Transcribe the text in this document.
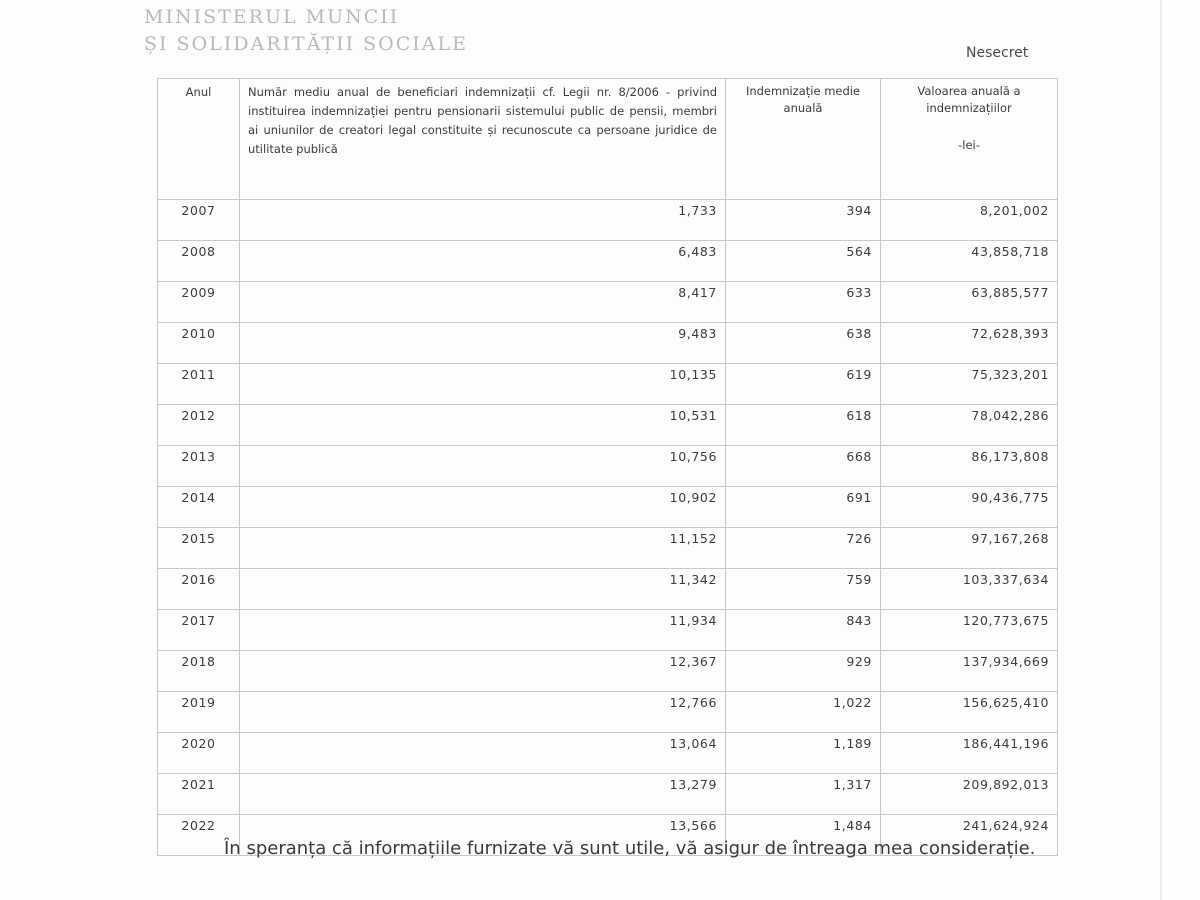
MINISTERUL MUNCII
ȘI SOLIDARITĂȚII SOCIALE	Nesecret
Anul	Număr mediu anual de beneficiari indemnizații cf. Legii nr. 8/2006 - privind instituirea indemnizației pentru pensionarii sistemului public de pensii, membri ai uniunilor de creatori legal constituite și recunoscute ca persoane juridice de utilitate publică	Indemnizație medie anuală	Valoarea anuală a indemnizațiilor
-lei-

2007	1,733	394	8,201,002
2008	6,483	564	43,858,718
2009	8,417	633	63,885,577
2010	9,483	638	72,628,393
2011	10,135	619	75,323,201
2012	10,531	618	78,042,286
2013	10,756	668	86,173,808
2014	10,902	691	90,436,775
2015	11,152	726	97,167,268
2016	11,342	759	103,337,634
2017	11,934	843	120,773,675
2018	12,367	929	137,934,669
2019	12,766	1,022	156,625,410
2020	13,064	1,189	186,441,196
2021	13,279	1,317	209,892,013
2022	13,566	1,484	241,624,924
În speranța că informațiile furnizate vă sunt utile, vă asigur de întreaga mea considerație.
